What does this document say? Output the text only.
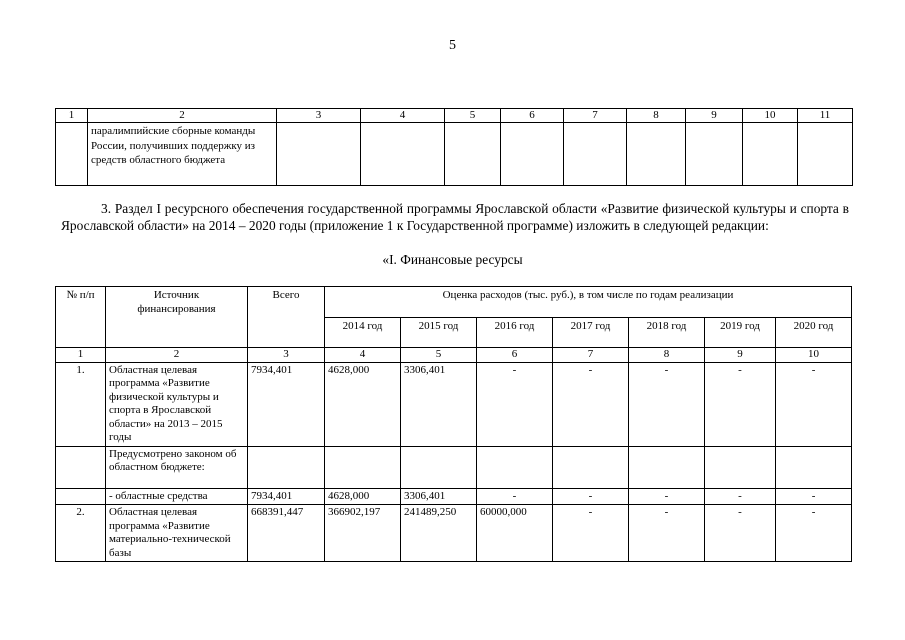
5
1	2	3	4	5	6	7	8	9	10	11
	паралимпийские сборные команды России, получивших поддержку из средств областного бюджета									

3. Раздел I ресурсного обеспечения государственной программы Ярославской области «Развитие физической культуры и спорта в Ярославской области» на 2014 – 2020 годы (приложение 1 к Государственной программе) изложить в следующей редакции:

«I. Финансовые ресурсы
№ п/п	Источник финансирования	Всего	Оценка расходов (тыс. руб.), в том числе по годам реализации						
			2014 год	2015 год	2016 год	2017 год	2018 год	2019 год	2020 год
1	2	3	4	5	6	7	8	9	10
1.	Областная целевая программа «Развитие физической культуры и спорта в Ярославской области» на 2013 – 2015 годы	7934,401	4628,000	3306,401	-	-	-	-	-
	Предусмотрено законом об областном бюджете:								
	- областные средства	7934,401	4628,000	3306,401	-	-	-	-	-
2.	Областная целевая программа «Развитие материально-технической базы	668391,447	366902,197	241489,250	60000,000	-	-	-	-
